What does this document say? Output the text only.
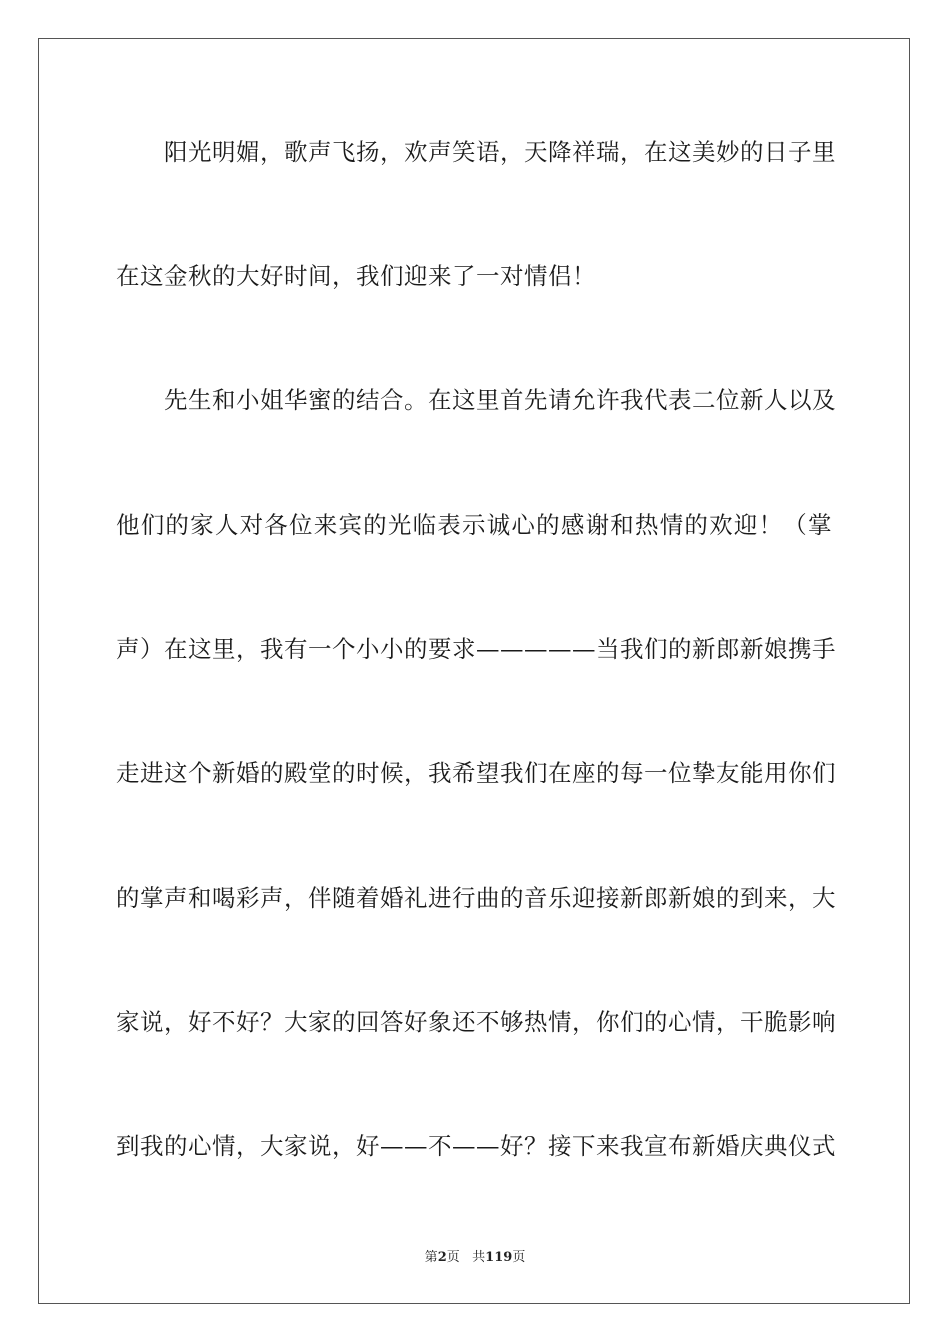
阳光明媚，歌声飞扬，欢声笑语，天降祥瑞，在这美妙的日子里
在这金秋的大好时间，我们迎来了一对情侣！
先生和小姐华蜜的结合。在这里首先请允许我代表二位新人以及
他们的家人对各位来宾的光临表示诚心的感谢和热情的欢迎！（掌
声）在这里，我有一个小小的要求—————当我们的新郎新娘携手
走进这个新婚的殿堂的时候，我希望我们在座的每一位挚友能用你们
的掌声和喝彩声，伴随着婚礼进行曲的音乐迎接新郎新娘的到来，大
家说，好不好？大家的回答好象还不够热情，你们的心情，干脆影响
到我的心情，大家说，好——不——好？接下来我宣布新婚庆典仪式
第2页 共119页
